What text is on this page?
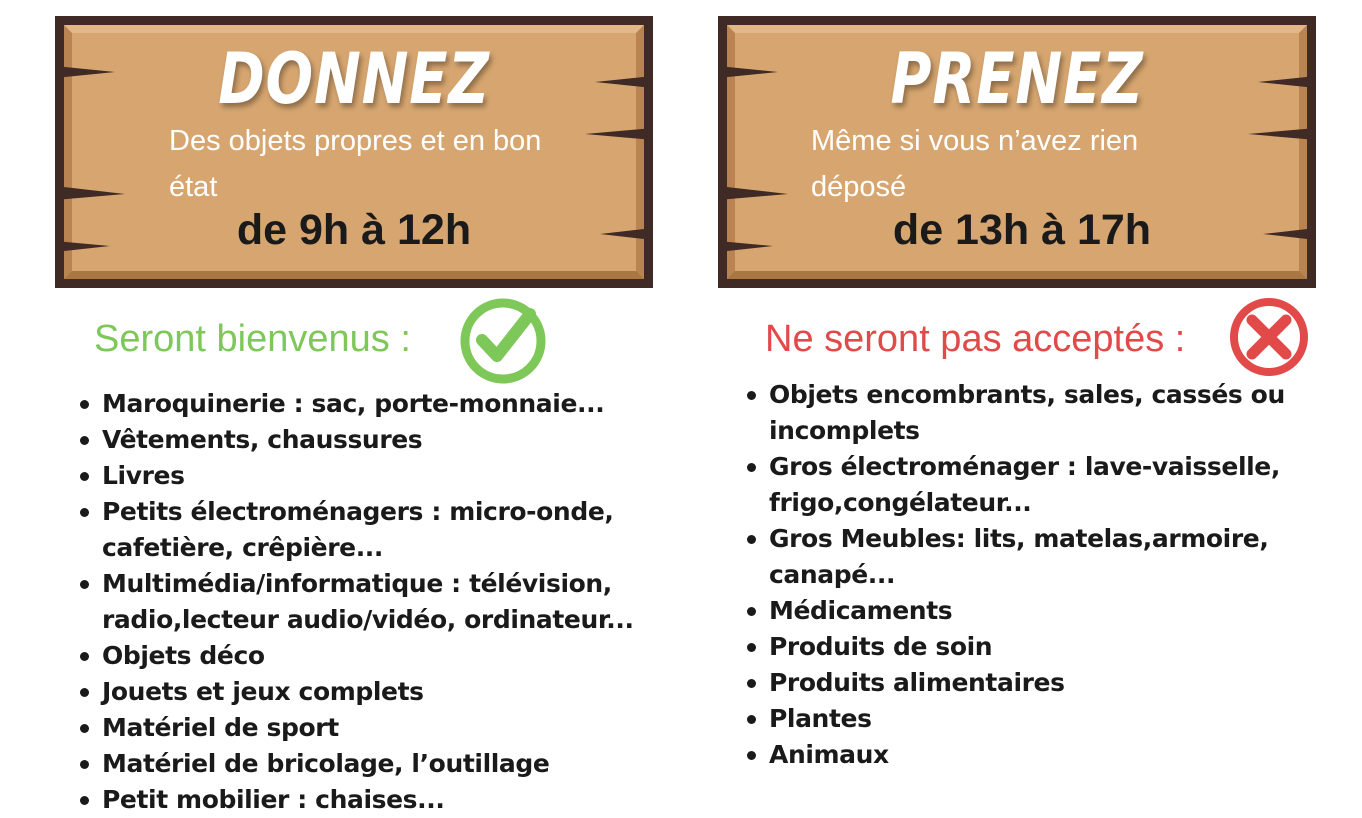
DONNEZ

Des objets propres et en bon état

de 9h à 12h

Seront bienvenus :
Maroquinerie : sac, porte-monnaie...
Vêtements, chaussures
Livres
Petits électroménagers : micro-onde, cafetière, crêpière...
Multimédia/informatique : télévision, radio,lecteur audio/vidéo, ordinateur...
Objets déco
Jouets et jeux complets
Matériel de sport
Matériel de bricolage, l’outillage
Petit mobilier : chaises...
PRENEZ

Même si vous n’avez rien déposé

de 13h à 17h

Ne seront pas acceptés :
Objets encombrants, sales, cassés ou incomplets
Gros électroménager : lave-vaisselle, frigo,congélateur...
Gros Meubles: lits, matelas,armoire, canapé...
Médicaments
Produits de soin
Produits alimentaires
Plantes
Animaux
